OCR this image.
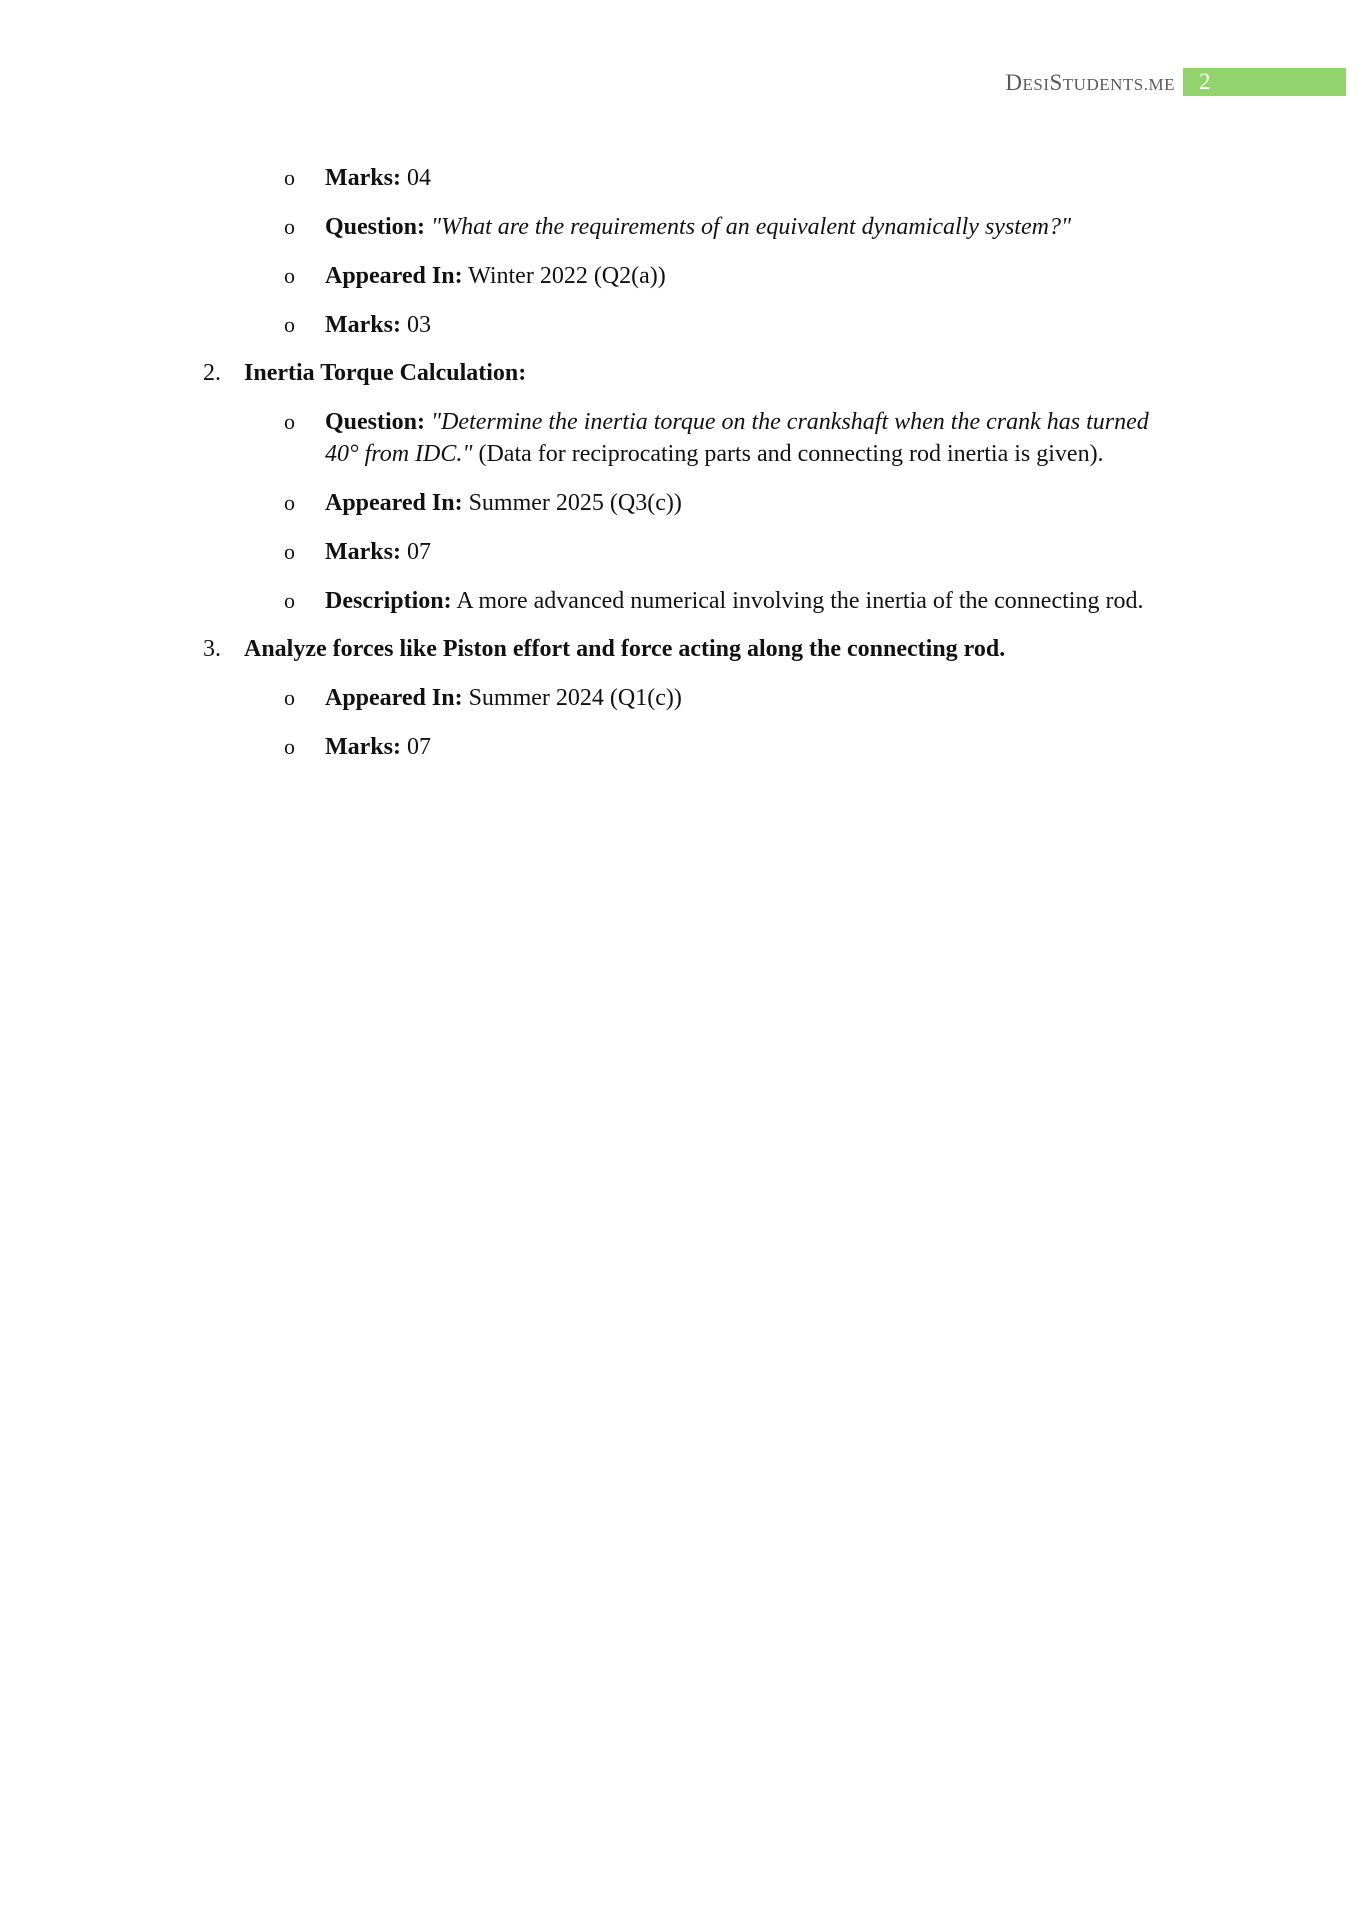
DESISTUDENTS.ME	2
o Marks: 04
o Question: "What are the requirements of an equivalent dynamically system?"
o Appeared In: Winter 2022 (Q2(a))
o Marks: 03
2. Inertia Torque Calculation:
o Question: "Determine the inertia torque on the crankshaft when the crank has turned
40° from IDC." (Data for reciprocating parts and connecting rod inertia is given).
o Appeared In: Summer 2025 (Q3(c))
o Marks: 07
o Description: A more advanced numerical involving the inertia of the connecting rod.
3. Analyze forces like Piston effort and force acting along the connecting rod.
o Appeared In: Summer 2024 (Q1(c))
o Marks: 07
